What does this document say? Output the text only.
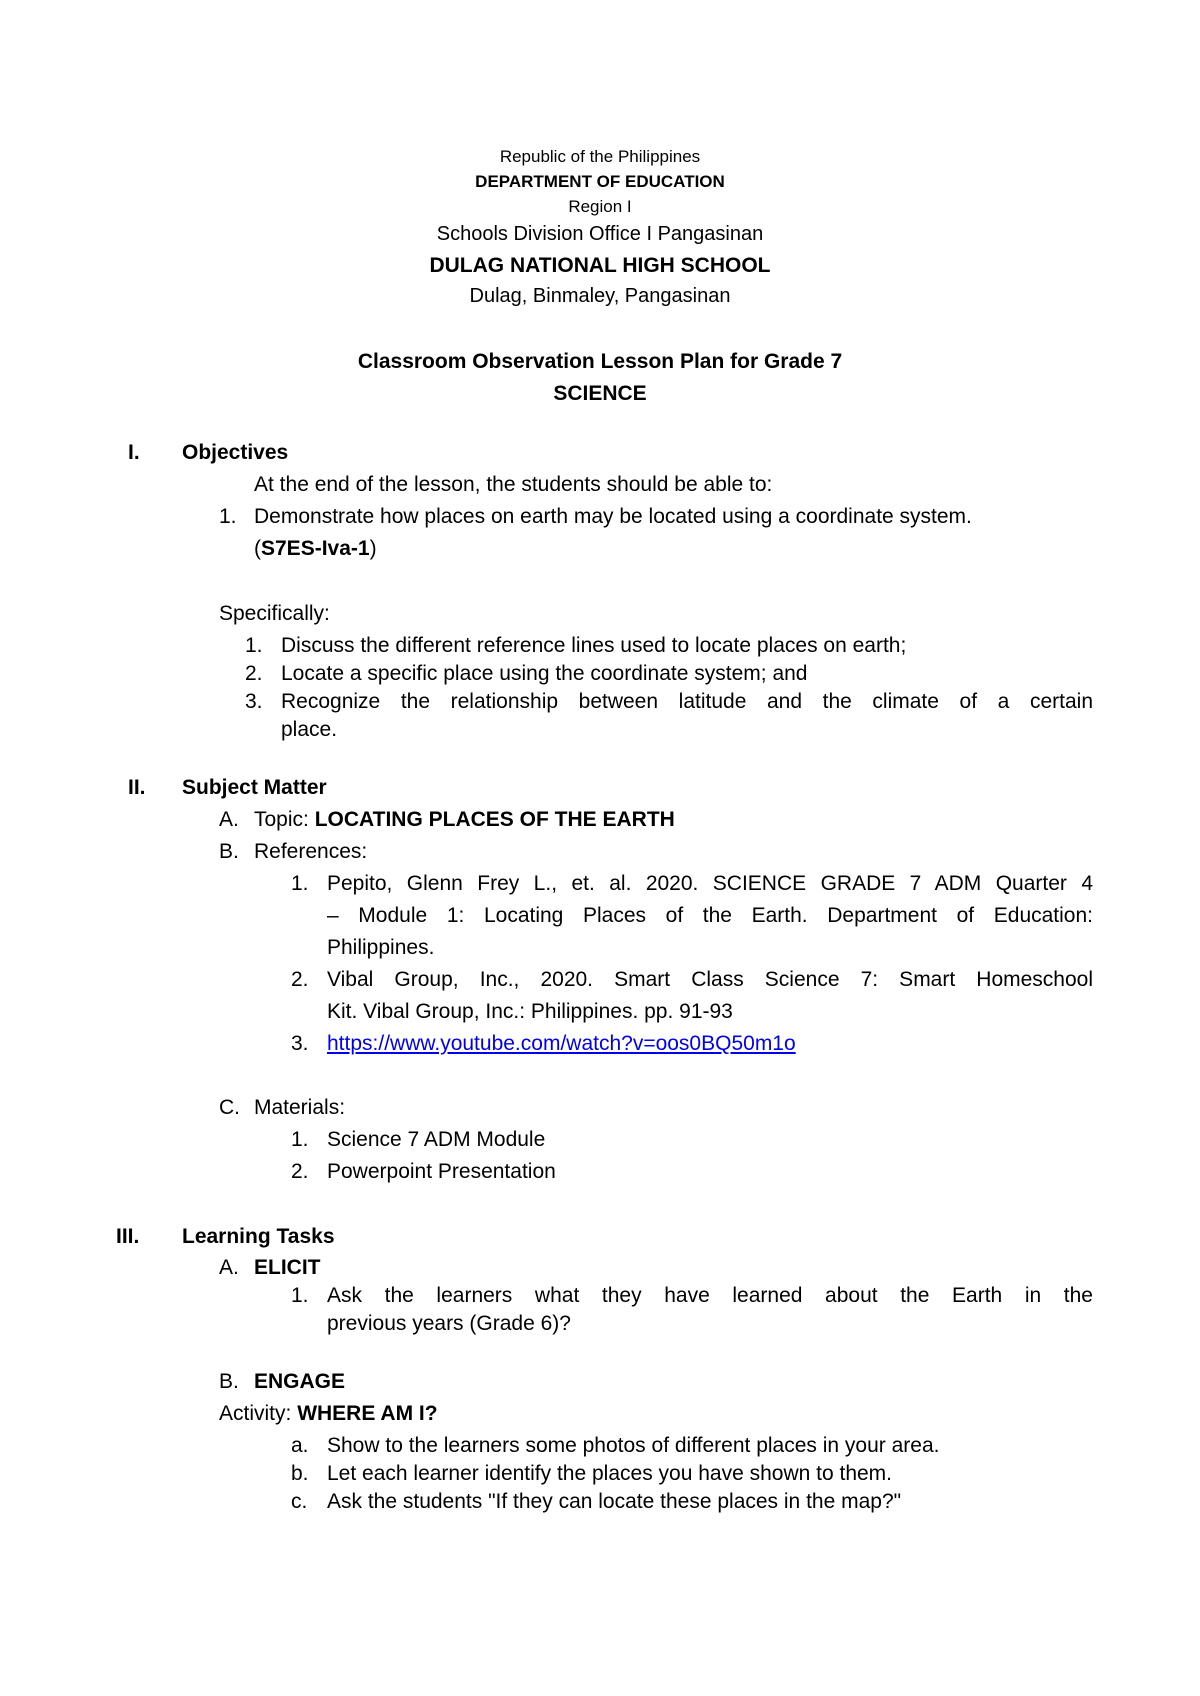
Republic of the Philippines
DEPARTMENT OF EDUCATION
Region I
Schools Division Office I Pangasinan
DULAG NATIONAL HIGH SCHOOL
Dulag, Binmaley, Pangasinan
Classroom Observation Lesson Plan for Grade 7
SCIENCE
I. Objectives
At the end of the lesson, the students should be able to:
1. Demonstrate how places on earth may be located using a coordinate system.
(S7ES-Iva-1)
Specifically:
1. Discuss the different reference lines used to locate places on earth;
2. Locate a specific place using the coordinate system; and
3. Recognize the relationship between latitude and the climate of a certain
place.
II. Subject Matter
A. Topic: LOCATING PLACES OF THE EARTH
B. References:
1. Pepito, Glenn Frey L., et. al. 2020. SCIENCE GRADE 7 ADM Quarter 4
– Module 1: Locating Places of the Earth. Department of Education:
Philippines.
2. Vibal Group, Inc., 2020. Smart Class Science 7: Smart Homeschool
Kit. Vibal Group, Inc.: Philippines. pp. 91-93
3. https://www.youtube.com/watch?v=oos0BQ50m1o
C. Materials:
1. Science 7 ADM Module
2. Powerpoint Presentation
III. Learning Tasks
A. ELICIT
1. Ask the learners what they have learned about the Earth in the
previous years (Grade 6)?
B. ENGAGE
Activity: WHERE AM I?
a. Show to the learners some photos of different places in your area.
b. Let each learner identify the places you have shown to them.
c. Ask the students "If they can locate these places in the map?"
